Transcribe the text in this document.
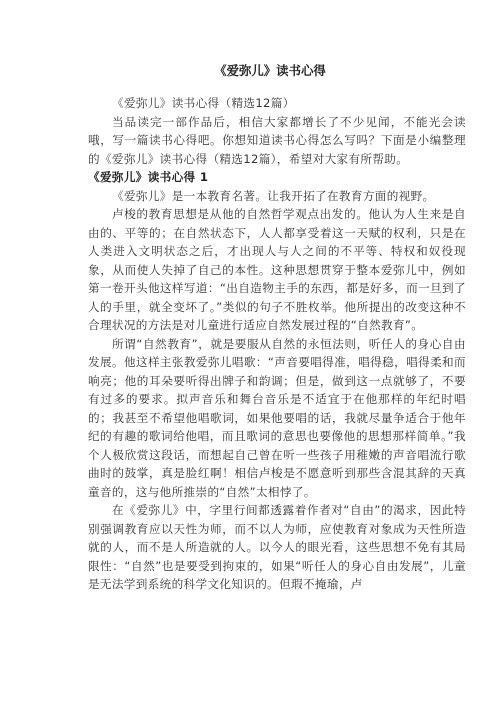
《爱弥儿》读书心得

《爱弥儿》读书心得（精选12篇）

当品读完一部作品后，相信大家都增长了不少见闻，不能光会读哦，写一篇读书心得吧。你想知道读书心得怎么写吗？下面是小编整理的《爱弥儿》读书心得（精选12篇），希望对大家有所帮助。

《爱弥儿》读书心得 1

《爱弥儿》是一本教育名著。让我开拓了在教育方面的视野。

卢梭的教育思想是从他的自然哲学观点出发的。他认为人生来是自由的、平等的；在自然状态下，人人都享受着这一天赋的权利，只是在人类进入文明状态之后，才出现人与人之间的不平等、特权和奴役现象，从而使人失掉了自己的本性。这种思想贯穿于整本爱弥儿中，例如第一卷开头他这样写道：“出自造物主手的东西，都是好多，而一旦到了人的手里，就全变坏了。”类似的句子不胜枚举。他所提出的改变这种不合理状况的方法是对儿童进行适应自然发展过程的“自然教育”。

所谓“自然教育”，就是要服从自然的永恒法则，听任人的身心自由发展。他这样主张教爱弥儿唱歌：“声音要唱得准，唱得稳，唱得柔和而响亮；他的耳朵要听得出牌子和韵调；但是，做到这一点就够了，不要有过多的要求。拟声音乐和舞台音乐是不适宜于在他那样的年纪时唱的；我甚至不希望他唱歌词，如果他要唱的话，我就尽量争适合于他年纪的有趣的歌词给他唱，而且歌词的意思也要像他的思想那样简单。”我个人极欣赏这段话，而想起自己曾在听一些孩子用稚嫩的声音唱流行歌曲时的鼓掌，真是脸红啊！相信卢梭是不愿意听到那些含混其辞的天真童音的，这与他所推崇的“自然”太相悖了。

在《爱弥儿》中，字里行间都透露着作者对“自由”的渴求，因此特别强调教育应以天性为师，而不以人为师，应使教育对象成为天性所造就的人，而不是人所造就的人。以今人的眼光看，这些思想不免有其局限性：“自然”也是要受到拘束的，如果“听任人的身心自由发展”，儿童是无法学到系统的科学文化知识的。但瑕不掩瑜，卢
